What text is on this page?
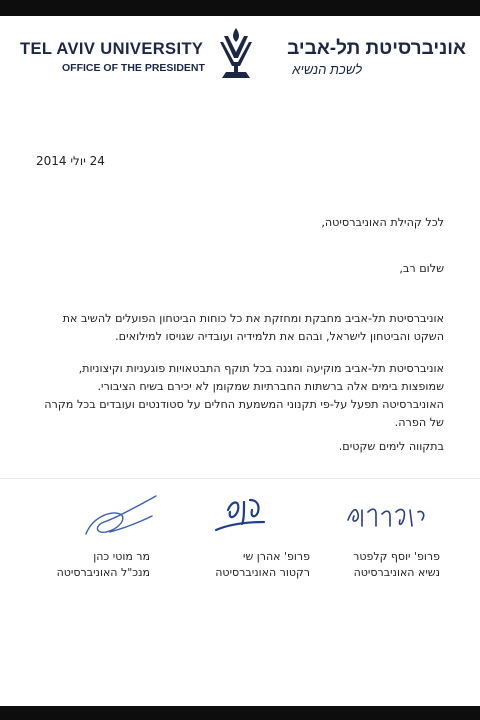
TEL AVIV UNIVERSITY
OFFICE OF THE PRESIDENT
אוניברסיטת תל-אביב
לשכת הנשיא
24 יולי 2014
לכל קהילת האוניברסיטה,
שלום רב,
אוניברסיטת תל-אביב מחבקת ומחזקת את כל כוחות הביטחון הפועלים להשיב את
השקט והביטחון לישראל, ובהם את תלמידיה ועובדיה שגויסו למילואים.
אוניברסיטת תל-אביב מוקיעה ומגנה בכל תוקף התבטאויות פוגעניות וקיצוניות,
שמופצות בימים אלה ברשתות החברתיות שמקומן לא יכירם בשיח הציבורי.
האוניברסיטה תפעל על-פי תקנוני המשמעת החלים על סטודנטים ועובדים בכל מקרה
של הפרה.
בתקווה לימים שקטים.
פרופ' יוסף קלפטר
נשיא האוניברסיטה
פרופ' אהרן שי
רקטור האוניברסיטה
מר מוטי כהן
מנכ"ל האוניברסיטה
